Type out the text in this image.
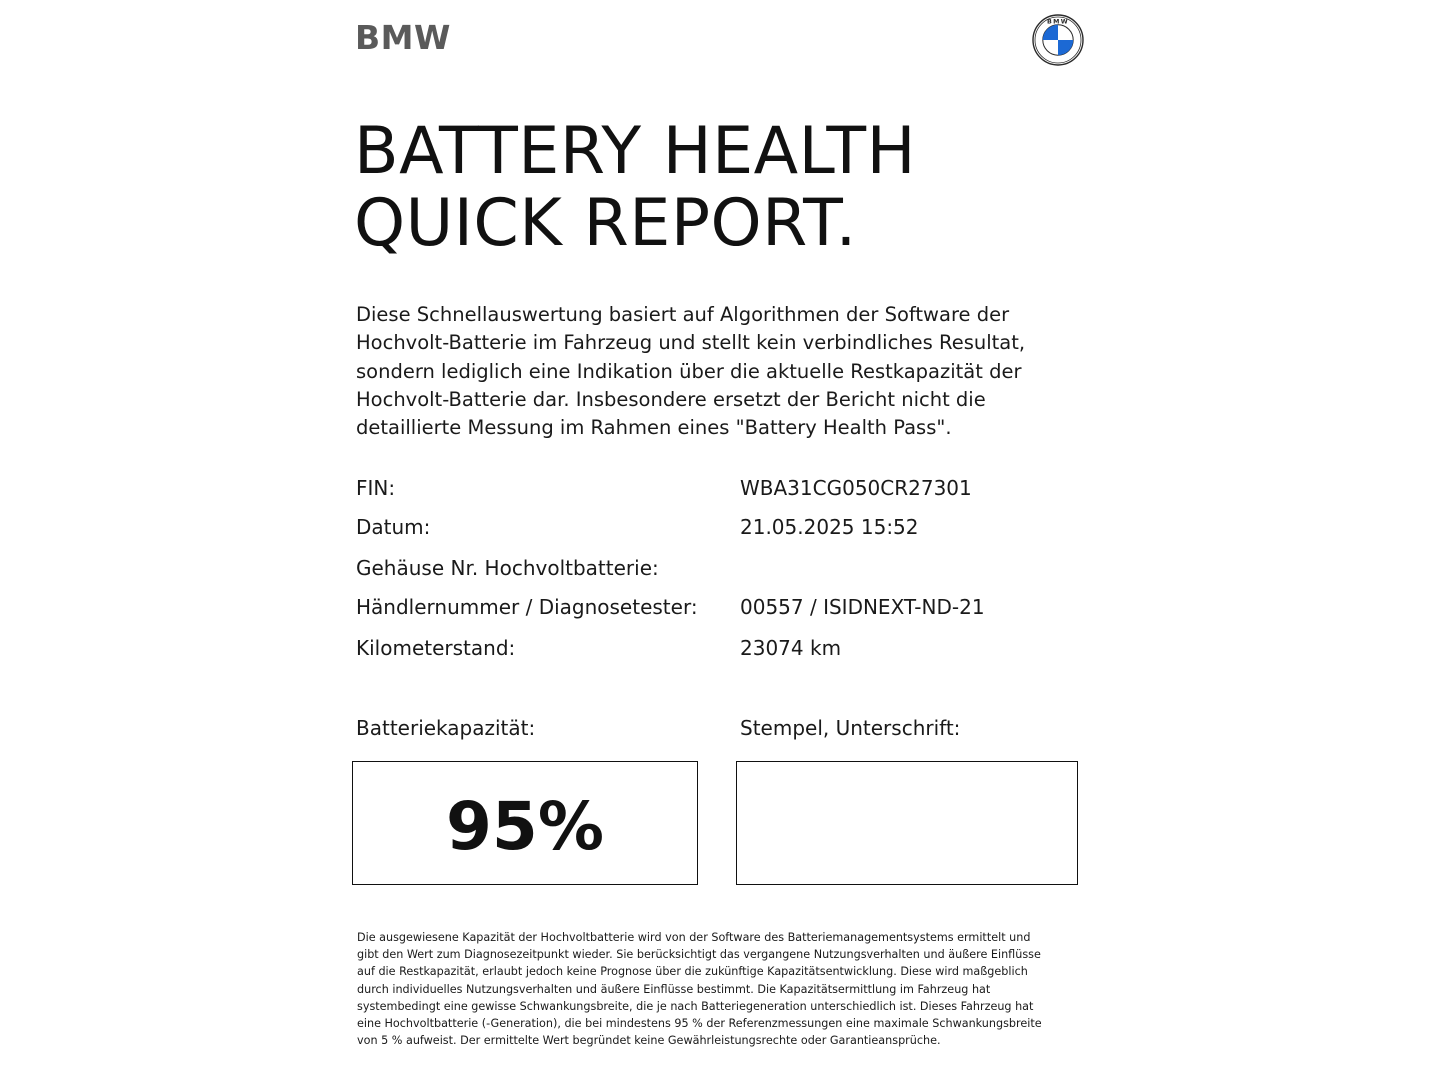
BMW	BMW
BATTERY HEALTH
QUICK REPORT.

Diese Schnellauswertung basiert auf Algorithmen der Software der
Hochvolt-Batterie im Fahrzeug und stellt kein verbindliches Resultat,
sondern lediglich eine Indikation über die aktuelle Restkapazität der
Hochvolt-Batterie dar. Insbesondere ersetzt der Bericht nicht die
detaillierte Messung im Rahmen eines "Battery Health Pass".

FIN:	WBA31CG050CR27301
Datum:	21.05.2025 15:52
Gehäuse Nr. Hochvoltbatterie:
Händlernummer / Diagnosetester: 00557 / ISIDNEXT-ND-21
Kilometerstand:	23074 km
Batteriekapazität:	Stempel, Unterschrift:
95%

Die ausgewiesene Kapazität der Hochvoltbatterie wird von der Software des Batteriemanagementsystems ermittelt und
gibt den Wert zum Diagnosezeitpunkt wieder. Sie berücksichtigt das vergangene Nutzungsverhalten und äußere Einflüsse
auf die Restkapazität, erlaubt jedoch keine Prognose über die zukünftige Kapazitätsentwicklung. Diese wird maßgeblich
durch individuelles Nutzungsverhalten und äußere Einflüsse bestimmt. Die Kapazitätsermittlung im Fahrzeug hat
systembedingt eine gewisse Schwankungsbreite, die je nach Batteriegeneration unterschiedlich ist. Dieses Fahrzeug hat
eine Hochvoltbatterie (-Generation), die bei mindestens 95 % der Referenzmessungen eine maximale Schwankungsbreite
von 5 % aufweist. Der ermittelte Wert begründet keine Gewährleistungsrechte oder Garantieansprüche.
